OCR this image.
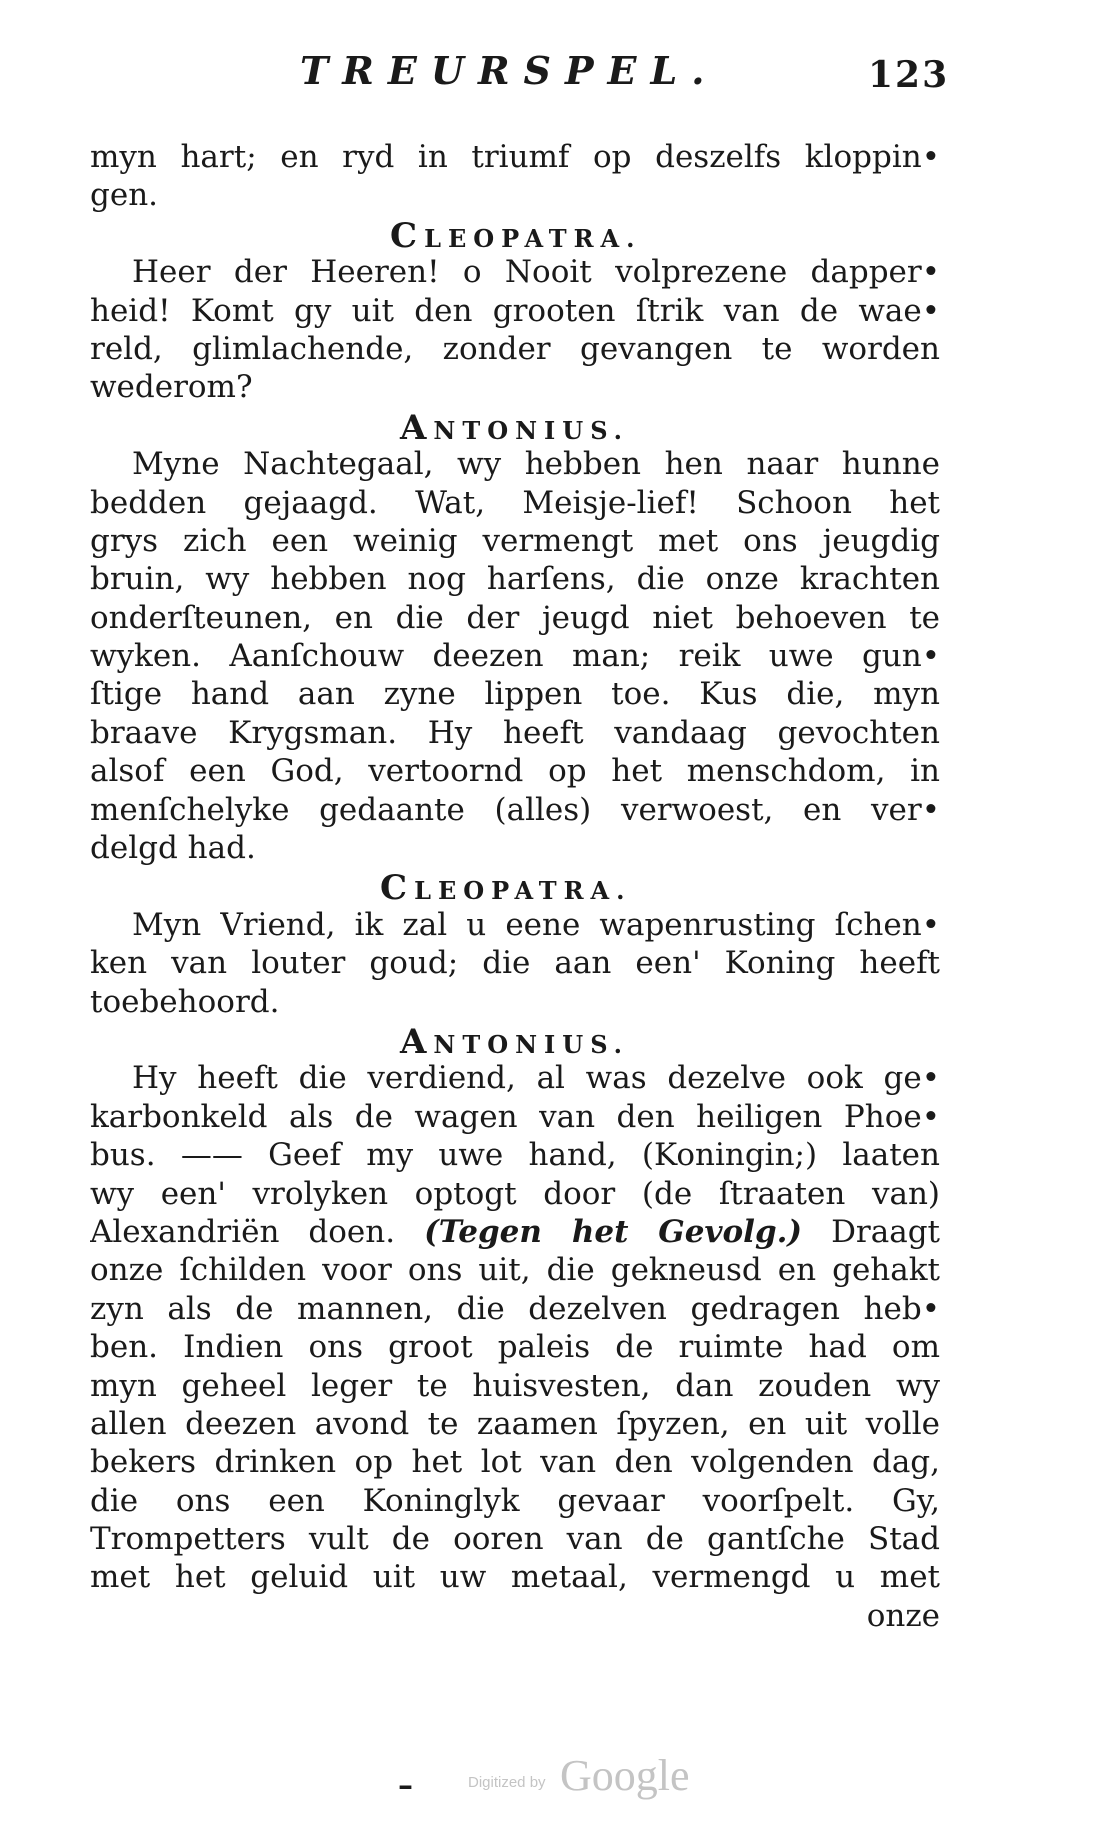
TREURSPEL.	123
myn hart; en ryd in triumf op deszelfs kloppin•
gen.
CLEOPATRA.
Heer der Heeren! o Nooit volprezene dapper•
heid! Komt gy uit den grooten ſtrik van de wae•
reld, glimlachende, zonder gevangen te worden
wederom?
ANTONIUS.
Myne Nachtegaal, wy hebben hen naar hunne
bedden gejaagd. Wat, Meisje-lief! Schoon het
grys zich een weinig vermengt met ons jeugdig
bruin, wy hebben nog harſens, die onze krachten
onderſteunen, en die der jeugd niet behoeven te
wyken. Aanſchouw deezen man; reik uwe gun•
ſtige hand aan zyne lippen toe. Kus die, myn
braave Krygsman. Hy heeft vandaag gevochten
alsof een God, vertoornd op het menschdom, in
menſchelyke gedaante (alles) verwoest, en ver•
delgd had.
CLEOPATRA.
Myn Vriend, ik zal u eene wapenrusting ſchen•
ken van louter goud; die aan een' Koning heeft
toebehoord.
ANTONIUS.
Hy heeft die verdiend, al was dezelve ook ge•
karbonkeld als de wagen van den heiligen Phoe•
bus. —— Geef my uwe hand, (Koningin;) laaten
wy een' vrolyken optogt door (de ſtraaten van)
Alexandriën doen. (Tegen het Gevolg.) Draagt
onze ſchilden voor ons uit, die gekneusd en gehakt
zyn als de mannen, die dezelven gedragen heb•
ben. Indien ons groot paleis de ruimte had om
myn geheel leger te huisvesten, dan zouden wy
allen deezen avond te zaamen ſpyzen, en uit volle
bekers drinken op het lot van den volgenden dag,
die ons een Koninglyk gevaar voorſpelt. Gy,
Trompetters vult de ooren van de gantſche Stad
met het geluid uit uw metaal, vermengd u met
onze
–	Digitized by Google
